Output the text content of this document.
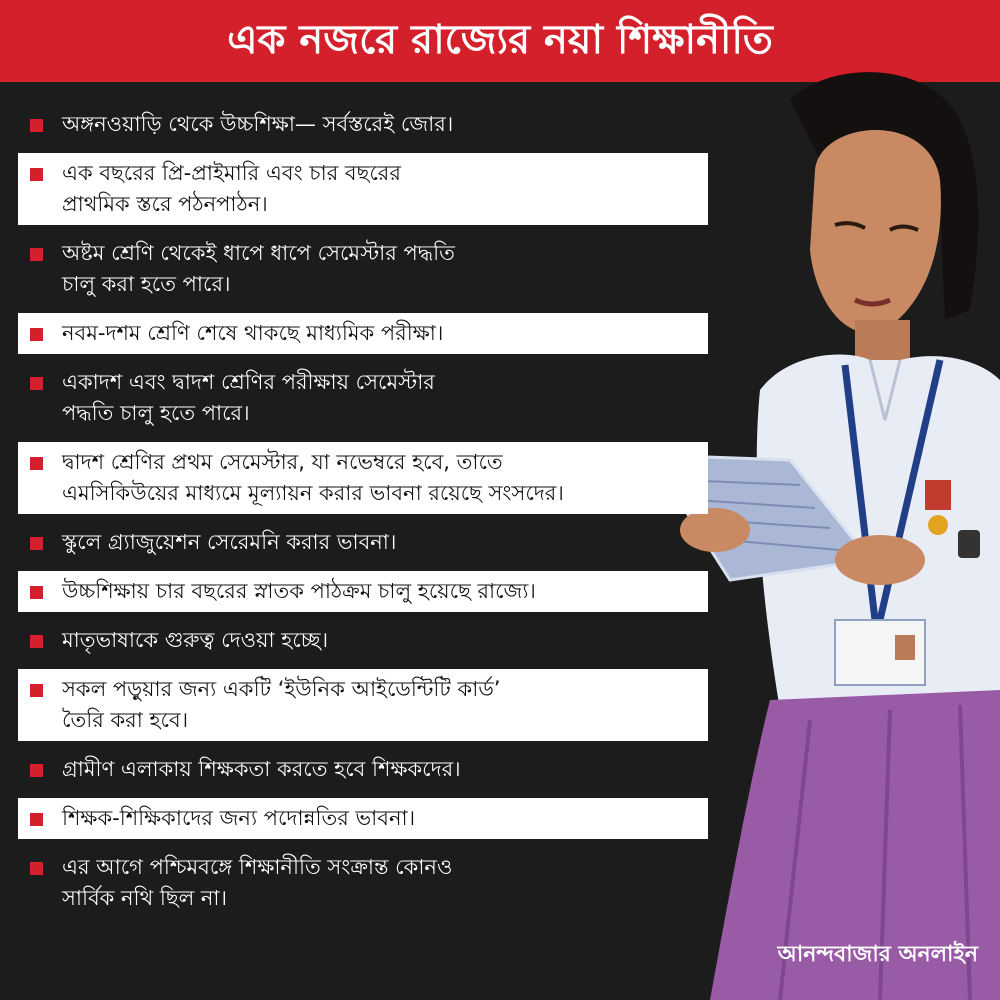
এক নজরে রাজ্যের নয়া শিক্ষানীতি
অঙ্গনওয়াড়ি থেকে উচ্চশিক্ষা— সর্বস্তরেই জোর।
এক বছরের প্রি-প্রাইমারি এবং চার বছরের
প্রাথমিক স্তরে পঠনপাঠন।
অষ্টম শ্রেণি থেকেই ধাপে ধাপে সেমেস্টার পদ্ধতি
চালু করা হতে পারে।
নবম-দশম শ্রেণি শেষে থাকছে মাধ্যমিক পরীক্ষা।
একাদশ এবং দ্বাদশ শ্রেণির পরীক্ষায় সেমেস্টার
পদ্ধতি চালু হতে পারে।
দ্বাদশ শ্রেণির প্রথম সেমেস্টার, যা নভেম্বরে হবে, তাতে
এমসিকিউয়ের মাধ্যমে মূল্যায়ন করার ভাবনা রয়েছে সংসদের।
স্কুলে গ্র্যাজুয়েশন সেরেমনি করার ভাবনা।
উচ্চশিক্ষায় চার বছরের স্নাতক পাঠক্রম চালু হয়েছে রাজ্যে।
মাতৃভাষাকে গুরুত্ব দেওয়া হচ্ছে।
সকল পড়ুয়ার জন্য একটি ‘ইউনিক আইডেন্টিটি কার্ড’
তৈরি করা হবে।
গ্রামীণ এলাকায় শিক্ষকতা করতে হবে শিক্ষকদের।
শিক্ষক-শিক্ষিকাদের জন্য পদোন্নতির ভাবনা।
এর আগে পশ্চিমবঙ্গে শিক্ষানীতি সংক্রান্ত কোনও
সার্বিক নথি ছিল না।
আনন্দবাজার অনলাইন
